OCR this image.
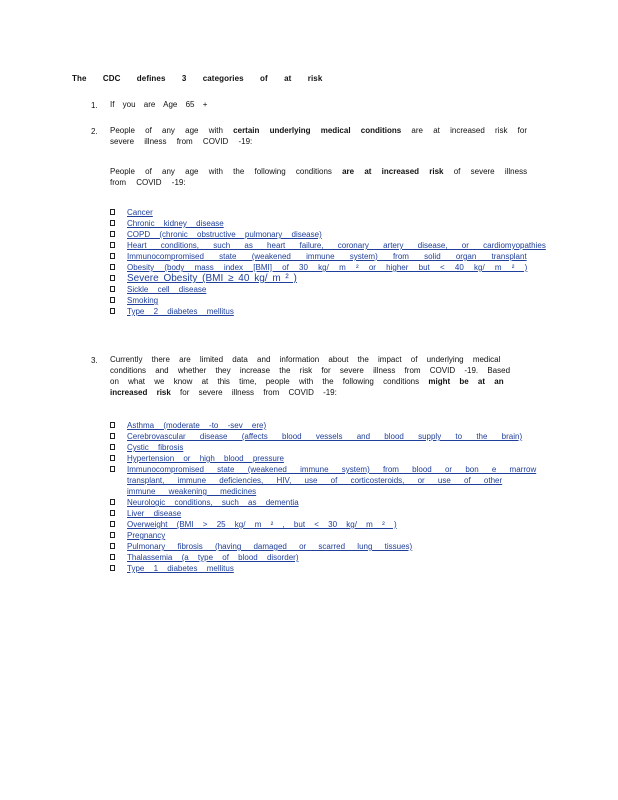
The CDC defines 3 categories of at risk
1. If you are Age 65 +
2. People of any age with certain underlying medical conditions are at increased risk for severe illness from COVID -19:
People of any age with the following conditions are at increased risk of severe illness from COVID -19:
Cancer
Chronic kidney disease
COPD (chronic obstructive pulmonary disease)
Heart conditions, such as heart failure, coronary artery disease, or cardiomyopathies
Immunocompromised state (weakened immune system) from solid organ transplant
Obesity (body mass index [BMI] of 30 kg/ m ² or higher but < 40 kg/ m ² )
Severe Obesity (BMI ≥ 40 kg/ m ² )
Sickle cell disease
Smoking
Type 2 diabetes mellitus
3. Currently there are limited data and information about the impact of underlying medical conditions and whether they increase the risk for severe illness from COVID -19. Based on what we know at this time, people with the following conditions might be at an increased risk for severe illness from COVID -19:
Asthma (moderate -to -sev ere)
Cerebrovascular disease (affects blood vessels and blood supply to the brain)
Cystic fibrosis
Hypertension or high blood pressure
Immunocompromised state (weakened immune system) from blood or bon e marrow transplant, immune deficiencies, HIV, use of corticosteroids, or use of other immune weakening medicines
Neurologic conditions, such as dementia
Liver disease
Overweight (BMI > 25 kg/ m ² , but < 30 kg/ m ² )
Pregnancy
Pulmonary fibrosis (having damaged or scarred lung tissues)
Thalassemia (a type of blood disorder)
Type 1 diabetes mellitus
